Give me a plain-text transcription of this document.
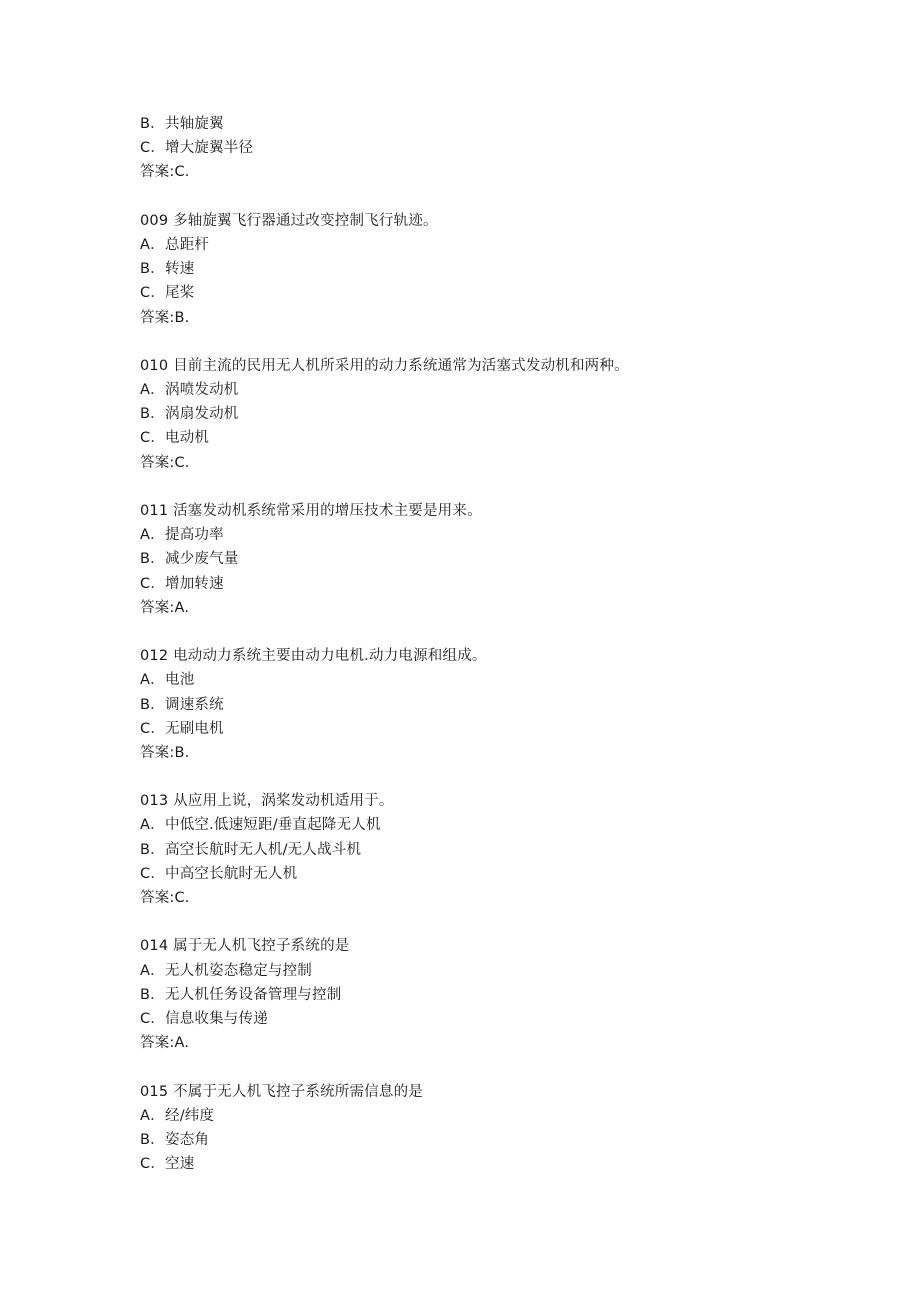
B．共轴旋翼
C．增大旋翼半径
答案:C.
009 多轴旋翼飞行器通过改变控制飞行轨迹。
A．总距杆
B．转速
C．尾桨
答案:B.
010 目前主流的民用无人机所采用的动力系统通常为活塞式发动机和两种。
A．涡喷发动机
B．涡扇发动机
C．电动机
答案:C.
011 活塞发动机系统常采用的增压技术主要是用来。
A．提高功率
B．减少废气量
C．增加转速
答案:A.
012 电动动力系统主要由动力电机.动力电源和组成。
A．电池
B．调速系统
C．无刷电机
答案:B.
013 从应用上说，涡桨发动机适用于。
A．中低空.低速短距/垂直起降无人机
B．高空长航时无人机/无人战斗机
C．中高空长航时无人机
答案:C.
014 属于无人机飞控子系统的是
A．无人机姿态稳定与控制
B．无人机任务设备管理与控制
C．信息收集与传递
答案:A.
015 不属于无人机飞控子系统所需信息的是
A．经/纬度
B．姿态角
C．空速
